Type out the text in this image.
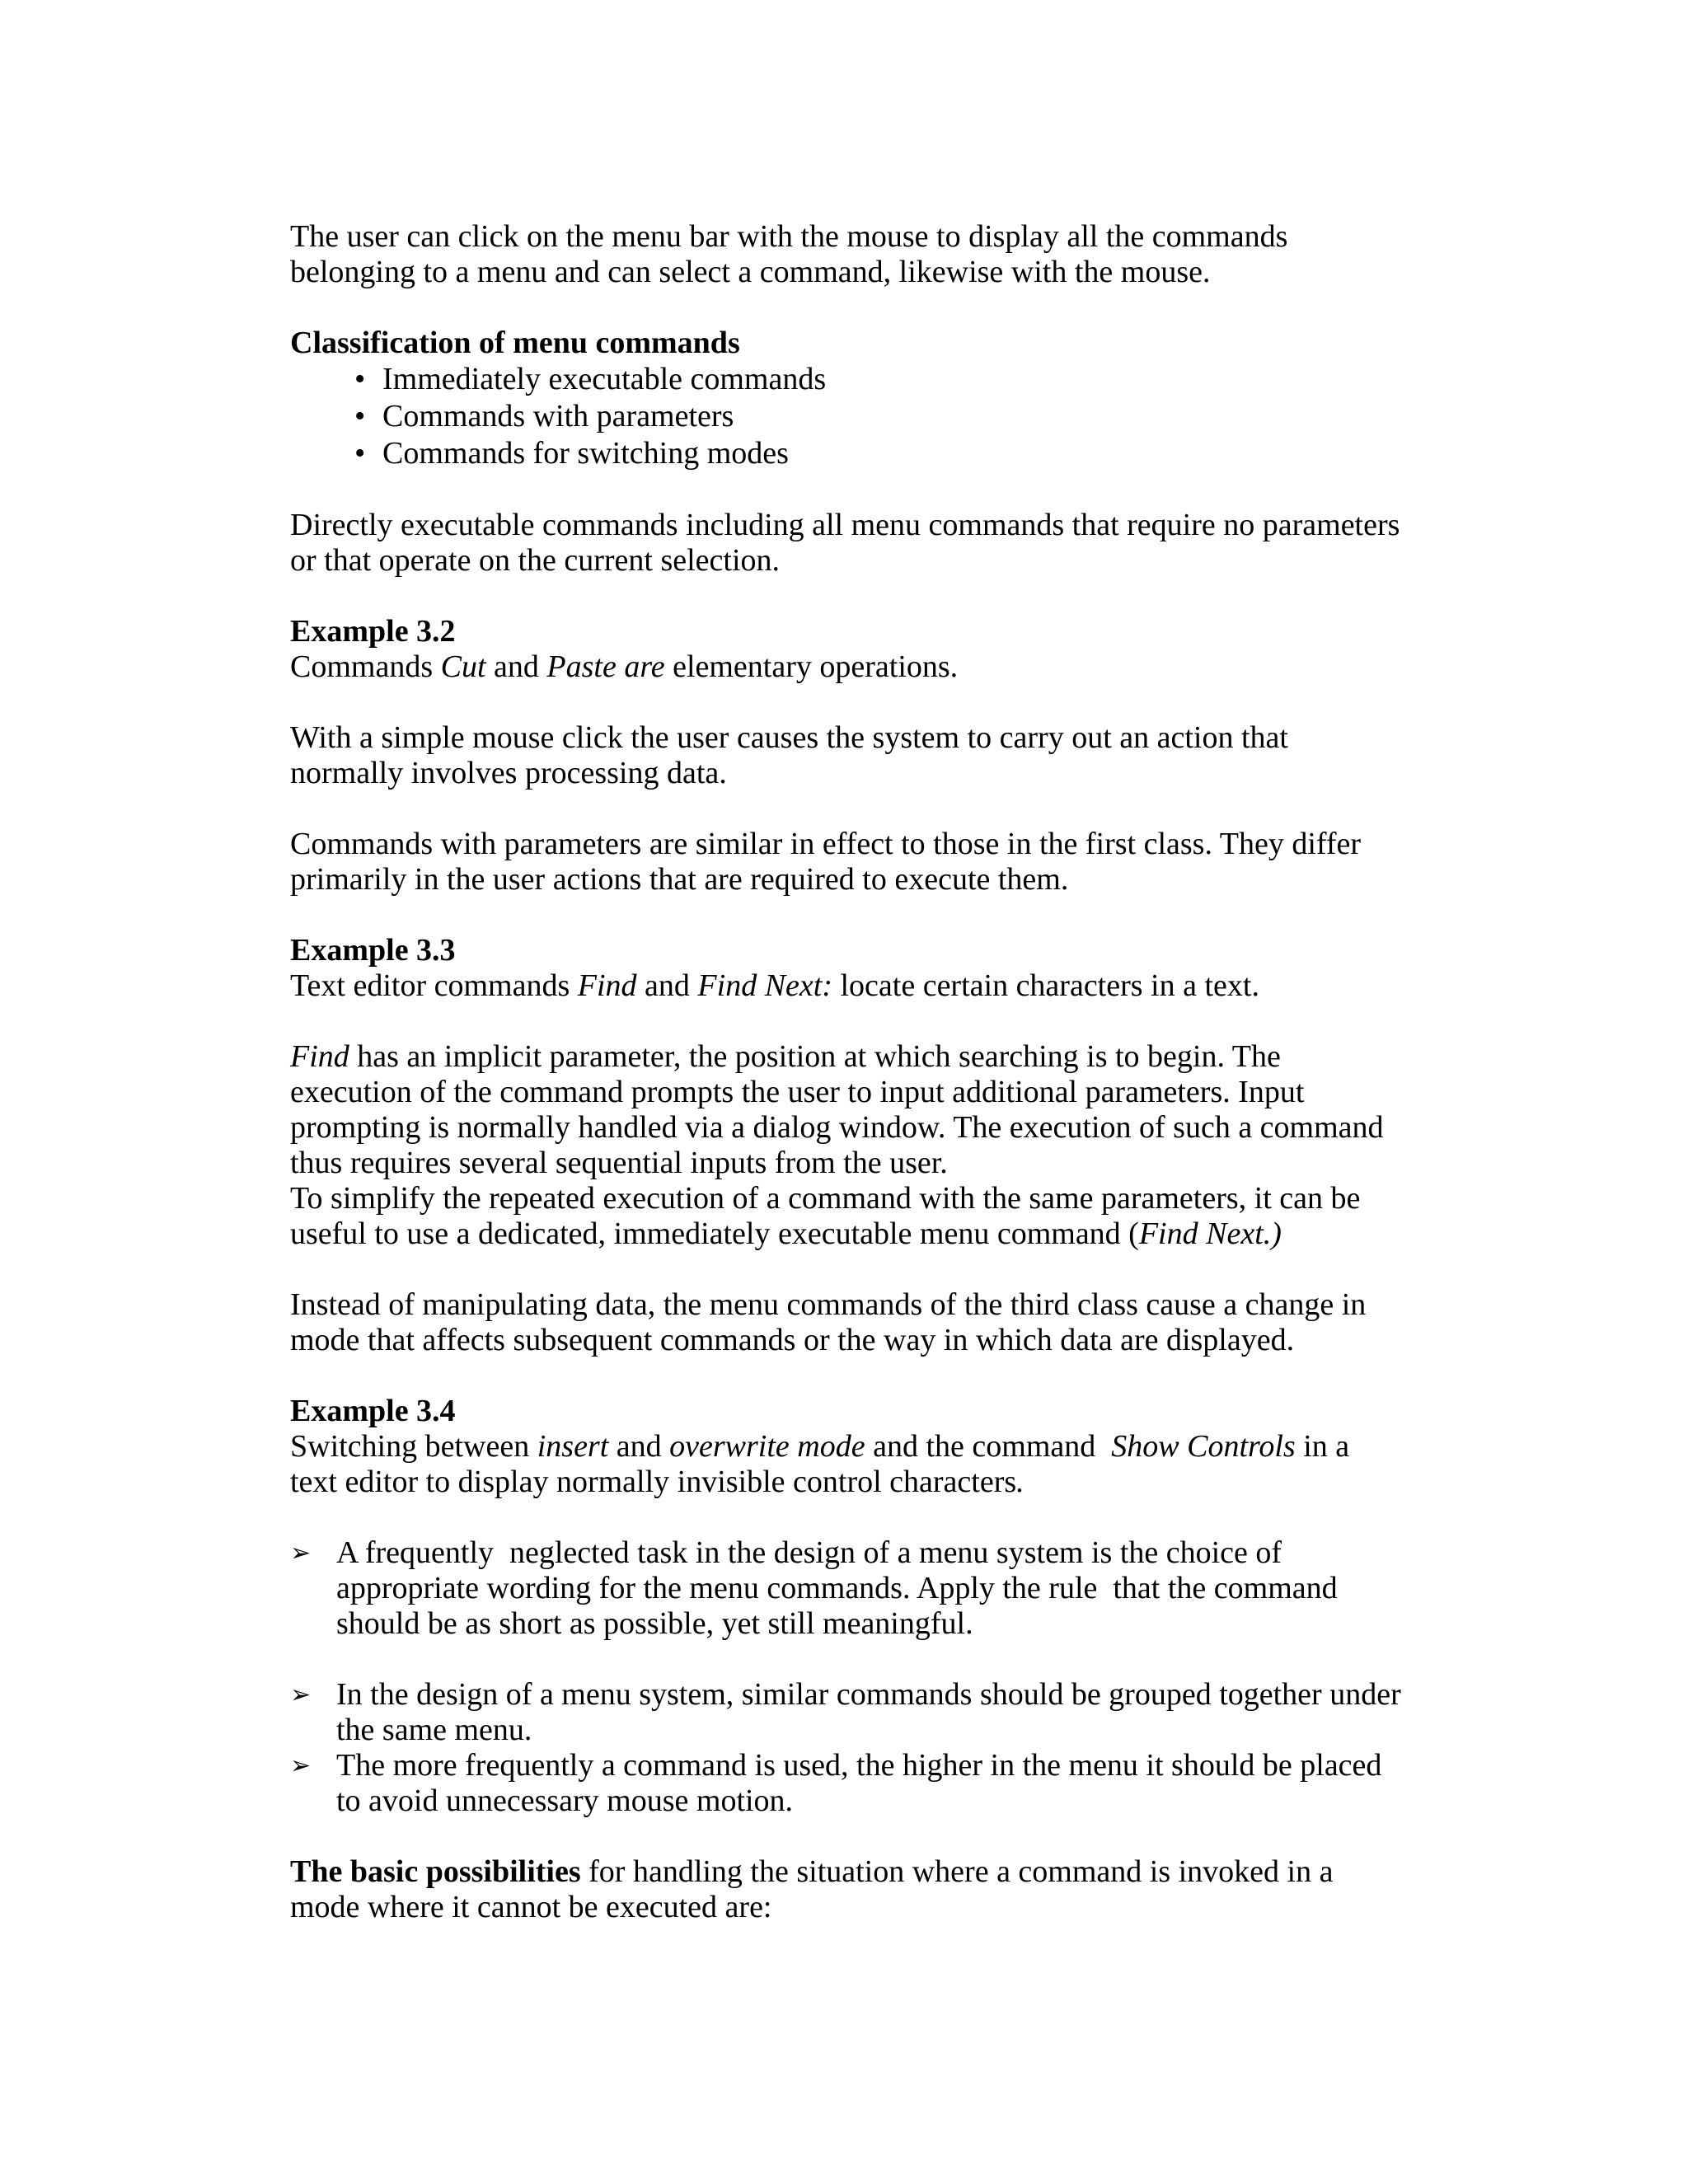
The user can click on the menu bar with the mouse to display all the commands belonging to a menu and can select a command, likewise with the mouse.

Classification of menu commands

• Immediately executable commands
• Commands with parameters
• Commands for switching modes

Directly executable commands including all menu commands that require no parameters or that operate on the current selection.

Example 3.2

Commands Cut and Paste are elementary operations.

With a simple mouse click the user causes the system to carry out an action that normally involves processing data.

Commands with parameters are similar in effect to those in the first class. They differ primarily in the user actions that are required to execute them.

Example 3.3

Text editor commands Find and Find Next: locate certain characters in a text.

Find has an implicit parameter, the position at which searching is to begin. The execution of the command prompts the user to input additional parameters. Input prompting is normally handled via a dialog window. The execution of such a command thus requires several sequential inputs from the user.

To simplify the repeated execution of a command with the same parameters, it can be useful to use a dedicated, immediately executable menu command (Find Next.)

Instead of manipulating data, the menu commands of the third class cause a change in mode that affects subsequent commands or the way in which data are displayed.

Example 3.4

Switching between insert and overwrite mode and the command  Show Controls in a text editor to display normally invisible control characters.

➢ A frequently  neglected task in the design of a menu system is the choice of appropriate wording for the menu commands. Apply the rule  that the command should be as short as possible, yet still meaningful.
➢ In the design of a menu system, similar commands should be grouped together under the same menu.
➢ The more frequently a command is used, the higher in the menu it should be placed to avoid unnecessary mouse motion.

The basic possibilities for handling the situation where a command is invoked in a mode where it cannot be executed are:
